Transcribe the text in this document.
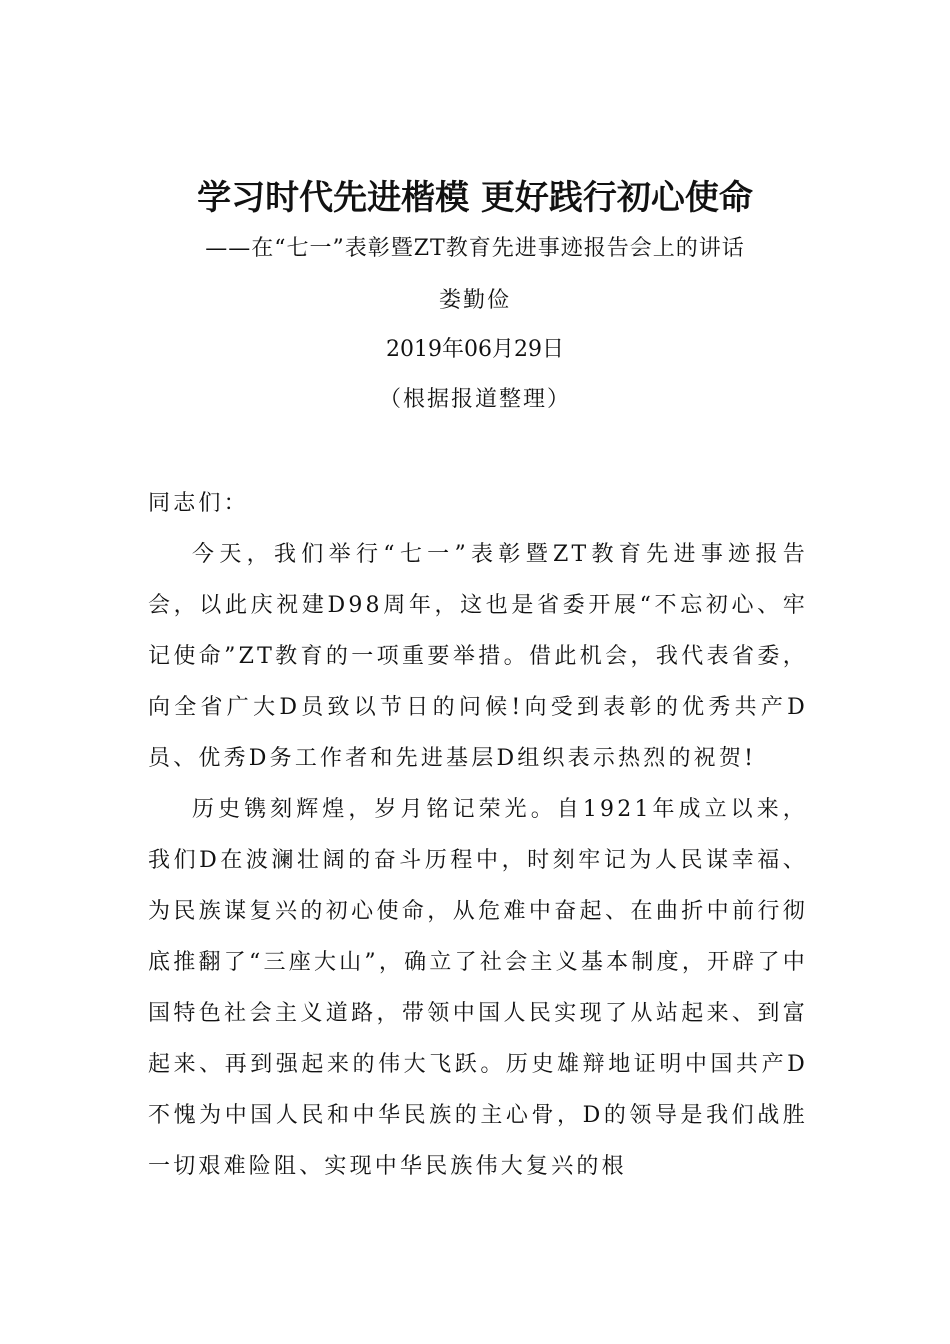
学习时代先进楷模 更好践行初心使命
——在“七一”表彰暨ZT教育先进事迹报告会上的讲话
娄勤俭
2019年06月29日
（根据报道整理）

同志们：

今天，我们举行“七一”表彰暨ZT教育先进事迹报告会，以此庆祝建D98周年，这也是省委开展“不忘初心、牢记使命”ZT教育的一项重要举措。借此机会，我代表省委，向全省广大D员致以节日的问候!向受到表彰的优秀共产D员、优秀D务工作者和先进基层D组织表示热烈的祝贺!

历史镌刻辉煌，岁月铭记荣光。自1921年成立以来，我们D在波澜壮阔的奋斗历程中，时刻牢记为人民谋幸福、为民族谋复兴的初心使命，从危难中奋起、在曲折中前行彻底推翻了“三座大山”，确立了社会主义基本制度，开辟了中国特色社会主义道路，带领中国人民实现了从站起来、到富起来、再到强起来的伟大飞跃。历史雄辩地证明中国共产D不愧为中国人民和中华民族的主心骨，D的领导是我们战胜一切艰难险阻、实现中华民族伟大复兴的根
